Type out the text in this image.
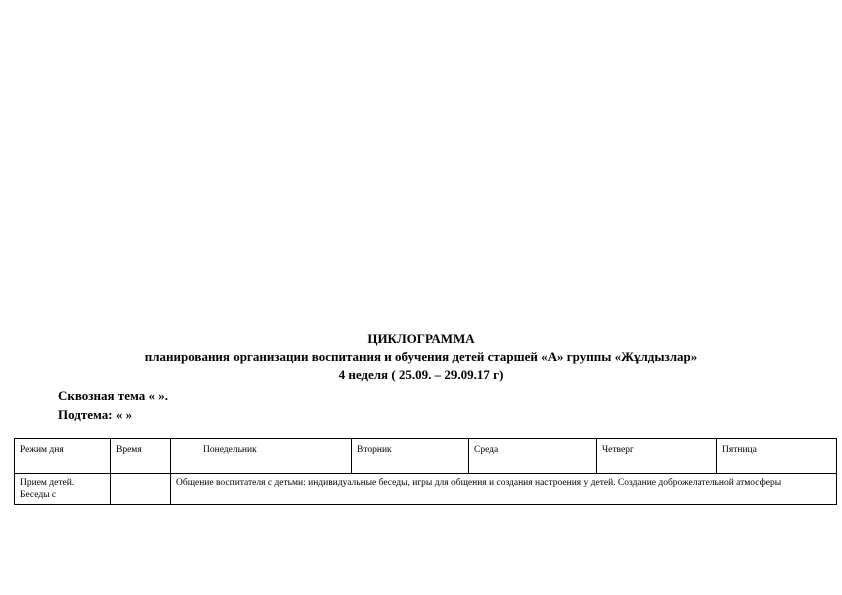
ЦИКЛОГРАММА
планирования организации воспитания и обучения детей старшей «А» группы «Жұлдызлар»
4 неделя ( 25.09. – 29.09.17 г)
Сквозная тема « ».
Подтема: « »
Режим дня	Время	Понедельник	Вторник	Среда	Четверг	Пятница
Прием детей. Беседы с		Общение воспитателя с детьми: индивидуальные беседы, игры для общения и создания настроения у детей. Создание доброжелательной атмосферы				
